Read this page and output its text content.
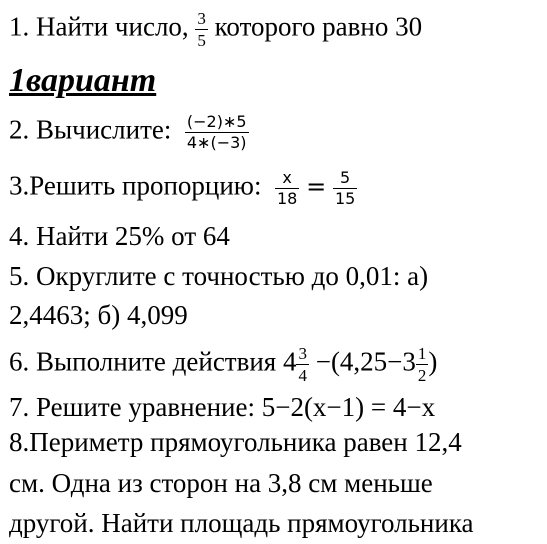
1. Найти число, $\frac{3}{5}$ которого равно 30
1вариант
2. Вычислите: $\frac{(-2)∗5}{4∗(-3)}$
3.Решить пропорцию: $\frac{x}{18} = \frac{5}{15}$
4. Найти 25% от 64
5. Округлите с точностью до 0,01: а)
2,4463; б) 4,099
6. Выполните действия $4 \frac{3}{4} -(4,25-3 \frac{1}{2}$ )
7. Решите уравнение: 5−2(x−1) = 4−x
8.Периметр прямоугольника равен 12,4
см. Одна из сторон на 3,8 см меньше
другой. Найти площадь прямоугольника
